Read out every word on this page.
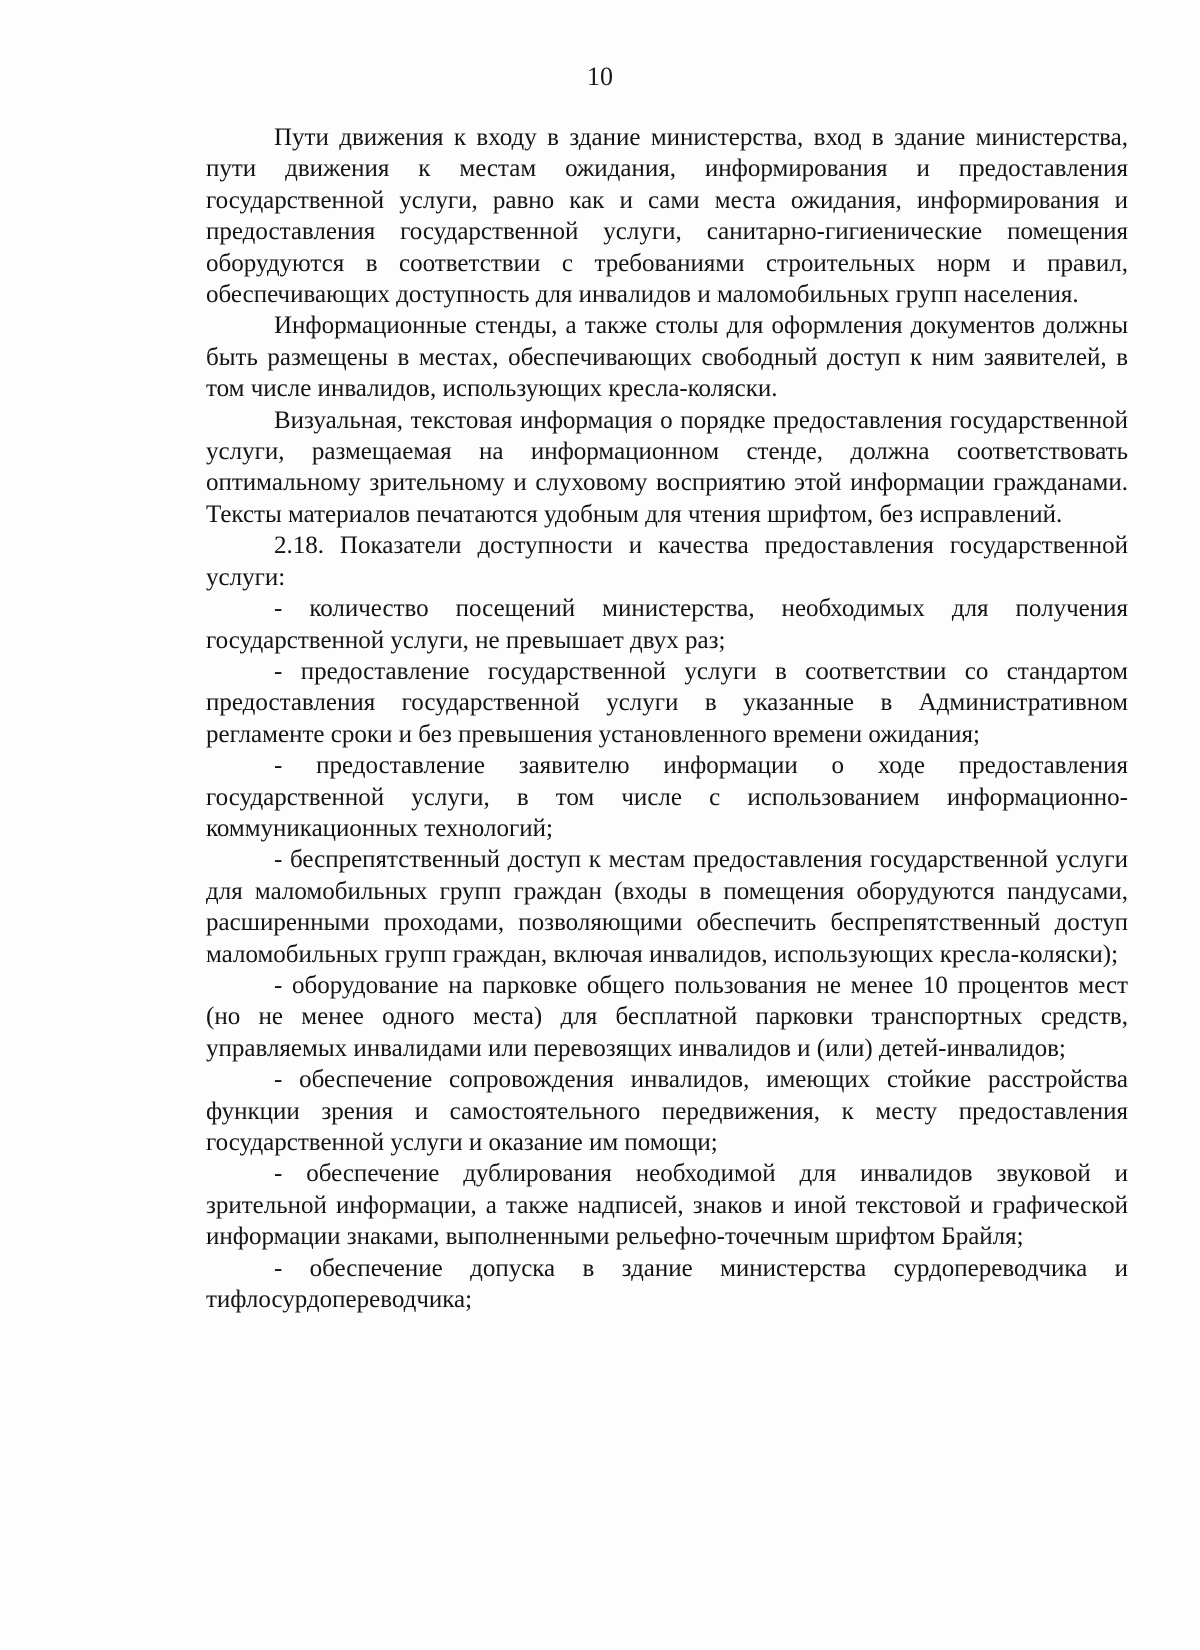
10

Пути движения к входу в здание министерства, вход в здание министерства, пути движения к местам ожидания, информирования и предоставления государственной услуги, равно как и сами места ожидания, информирования и предоставления государственной услуги, санитарно-гигиенические помещения оборудуются в соответствии с требованиями строительных норм и правил, обеспечивающих доступность для инвалидов и маломобильных групп населения.

Информационные стенды, а также столы для оформления документов должны быть размещены в местах, обеспечивающих свободный доступ к ним заявителей, в том числе инвалидов, использующих кресла-коляски.

Визуальная, текстовая информация о порядке предоставления государственной услуги, размещаемая на информационном стенде, должна соответствовать оптимальному зрительному и слуховому восприятию этой информации гражданами. Тексты материалов печатаются удобным для чтения шрифтом, без исправлений.

2.18. Показатели доступности и качества предоставления государственной услуги:

- количество посещений министерства, необходимых для получения государственной услуги, не превышает двух раз;

- предоставление государственной услуги в соответствии со стандартом предоставления государственной услуги в указанные в Административном регламенте сроки и без превышения установленного времени ожидания;

- предоставление заявителю информации о ходе предоставления государственной услуги, в том числе с использованием информационно-коммуникационных технологий;

- беспрепятственный доступ к местам предоставления государственной услуги для маломобильных групп граждан (входы в помещения оборудуются пандусами, расширенными проходами, позволяющими обеспечить беспрепятственный доступ маломобильных групп граждан, включая инвалидов, использующих кресла-коляски);

- оборудование на парковке общего пользования не менее 10 процентов мест (но не менее одного места) для бесплатной парковки транспортных средств, управляемых инвалидами или перевозящих инвалидов и (или) детей-инвалидов;

- обеспечение сопровождения инвалидов, имеющих стойкие расстройства функции зрения и самостоятельного передвижения, к месту предоставления государственной услуги и оказание им помощи;

- обеспечение дублирования необходимой для инвалидов звуковой и зрительной информации, а также надписей, знаков и иной текстовой и графической информации знаками, выполненными рельефно-точечным шрифтом Брайля;

- обеспечение допуска в здание министерства сурдопереводчика и тифлосурдопереводчика;
